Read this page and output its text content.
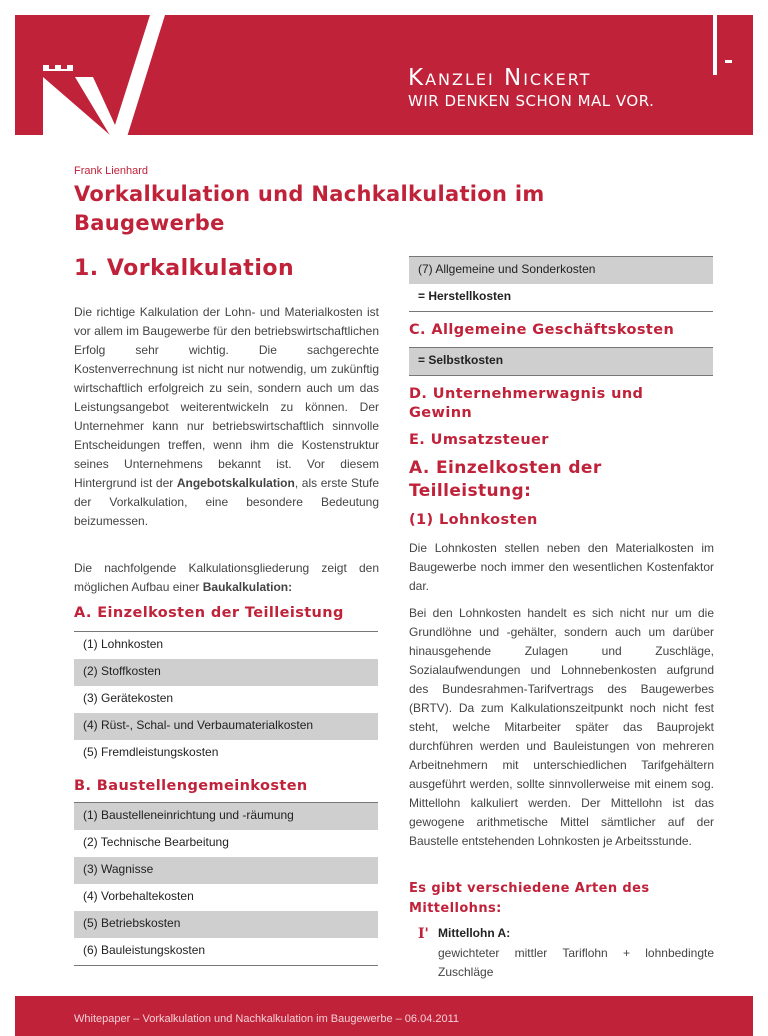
Kanzlei Nickert
WIR DENKEN SCHON MAL VOR.
Frank Lienhard
Vorkalkulation und Nachkalkulation im Baugewerbe
1. Vorkalkulation

Die richtige Kalkulation der Lohn- und Materialkosten ist vor allem im Baugewerbe für den betriebswirtschaftlichen Erfolg sehr wichtig. Die sachgerechte Kostenverrechnung ist nicht nur notwendig, um zukünftig wirtschaftlich erfolgreich zu sein, sondern auch um das Leistungsangebot weiterentwickeln zu können. Der Unternehmer kann nur betriebswirtschaftlich sinnvolle Entscheidungen treffen, wenn ihm die Kostenstruktur seines Unternehmens bekannt ist. Vor diesem Hintergrund ist der Angebotskalkulation, als erste Stufe der Vorkalkulation, eine besondere Bedeutung beizumessen.

Die nachfolgende Kalkulationsgliederung zeigt den möglichen Aufbau einer Baukalkulation:

A. Einzelkosten der Teilleistung
(1) Lohnkosten
(2) Stoffkosten
(3) Gerätekosten
(4) Rüst-, Schal- und Verbaumaterialkosten
(5) Fremdleistungskosten
B. Baustellengemeinkosten
(1) Baustelleneinrichtung und -räumung
(2) Technische Bearbeitung
(3) Wagnisse
(4) Vorbehaltekosten
(5) Betriebskosten
(6) Bauleistungskosten
(7) Allgemeine und Sonderkosten
= Herstellkosten
C. Allgemeine Geschäftskosten
= Selbstkosten
D. Unternehmerwagnis und Gewinn
E. Umsatzsteuer
A. Einzelkosten der Teilleistung:
(1) Lohnkosten

Die Lohnkosten stellen neben den Materialkosten im Baugewerbe noch immer den wesentlichen Kostenfaktor dar.

Bei den Lohnkosten handelt es sich nicht nur um die Grundlöhne und -gehälter, sondern auch um darüber hinausgehende Zulagen und Zuschläge, Sozialaufwendungen und Lohnnebenkosten aufgrund des Bundesrahmen-Tarifvertrags des Baugewerbes (BRTV). Da zum Kalkulationszeitpunkt noch nicht fest steht, welche Mitarbeiter später das Bauprojekt durchführen werden und Bauleistungen von mehreren Arbeitnehmern mit unterschiedlichen Tarifgehältern ausgeführt werden, sollte sinnvollerweise mit einem sog. Mittellohn kalkuliert werden. Der Mittellohn ist das gewogene arithmetische Mittel sämtlicher auf der Baustelle entstehenden Lohnkosten je Arbeitsstunde.

Es gibt verschiedene Arten des Mittellohns:
I' Mittellohn A:

gewichteter mittler Tariflohn + lohnbedingte Zuschläge

Whitepaper – Vorkalkulation und Nachkalkulation im Baugewerbe – 06.04.2011
